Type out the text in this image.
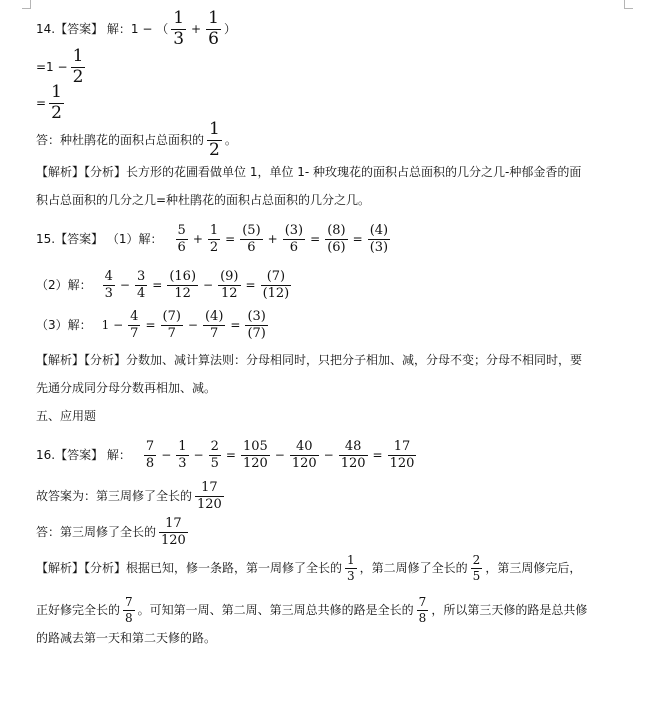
14.【答案】 解：1 − （ $\frac{1}{3} + \frac{1}{6}$ ）
$=1 - \frac{1}{2}$
= $\frac{1}{2}$
答：种杜鹃花的面积占总面积的 $\frac{1}{2}$ 。
【解析】【分析】长方形的花圃看做单位 1，单位 1- 种玫瑰花的面积占总面积的几分之几-种郁金香的面
积占总面积的几分之几=种杜鹃花的面积占总面积的几分之几。
15.【答案】 （1）解： $\frac{5}{6} + \frac{1}{2} = \frac{(5)}{6} + \frac{(3)}{6} = \frac{(8)}{(6)} = \frac{(4)}{(3)}$
（2）解： $\frac{4}{3} - \frac{3}{4} = \frac{(16)}{12} - \frac{(9)}{12} = \frac{(7)}{(12)}$
（3）解： $1 - \frac{4}{7} = \frac{(7)}{7} - \frac{(4)}{7} = \frac{(3)}{(7)}$
【解析】【分析】分数加、减计算法则：分母相同时，只把分子相加、减，分母不变；分母不相同时，要
先通分成同分母分数再相加、减。
五、应用题
16.【答案】 解： $\frac{7}{8} - \frac{1}{3} - \frac{2}{5} = \frac{105}{120} - \frac{40}{120} - \frac{48}{120} = \frac{17}{120}$
故答案为：第三周修了全长的 $\frac{17}{120}$
答：第三周修了全长的 $\frac{17}{120}$
【解析】【分析】根据已知，修一条路，第一周修了全长的 $\frac{1}{3}$ ，第二周修了全长的 $\frac{2}{5}$ ，第三周修完后，
正好修完全长的 $\frac{7}{8}$ 。可知第一周、第二周、第三周总共修的路是全长的 $\frac{7}{8}$ ，所以第三天修的路是总共修
的路减去第一天和第二天修的路。
